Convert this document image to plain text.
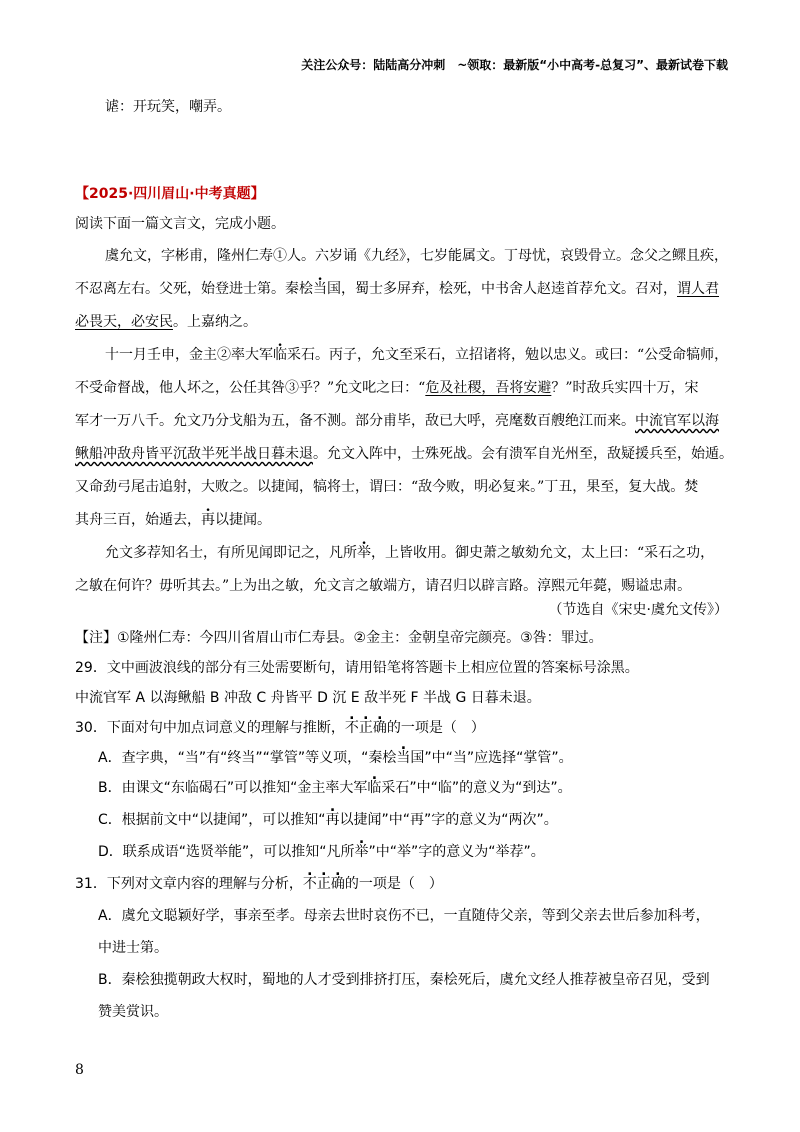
关注公众号：陆陆高分冲刺　~领取：最新版“小中高考-总复习”、最新试卷下载
谑：开玩笑，嘲弄。
【2025·四川眉山·中考真题】
阅读下面一篇文言文，完成小题。
虞允文，字彬甫，隆州仁寿①人。六岁诵《九经》，七岁能属文。丁母忧，哀毁骨立。念父之鳏且疾，
不忍离左右。父死，始登进士第。秦桧当国，蜀士多屏弃，桧死，中书舍人赵逵首荐允文。召对，谓人君
必畏天，必安民。上嘉纳之。
十一月壬申，金主②率大军临采石。丙子，允文至采石，立招诸将，勉以忠义。或曰：“公受命犒师，
不受命督战，他人坏之，公任其咎③乎？”允文叱之曰：“危及社稷，吾将安避？”时敌兵实四十万，宋
军才一万八千。允文乃分戈船为五，备不测。部分甫毕，敌已大呼，亮麾数百艘绝江而来。中流官军以海
鳅船冲敌舟皆平沉敌半死半战日暮未退。允文入阵中，士殊死战。会有溃军自光州至，敌疑援兵至，始遁。
又命劲弓尾击追射，大败之。以捷闻，犒将士，谓曰：“敌今败，明必复来。”丁丑，果至，复大战。焚
其舟三百，始遁去，再以捷闻。
允文多荐知名士，有所见闻即记之，凡所举，上皆收用。御史萧之敏劾允文，太上曰：“采石之功，
之敏在何许？毋听其去。”上为出之敏，允文言之敏端方，请召归以辟言路。淳熙元年薨，赐谥忠肃。
（节选自《宋史·虞允文传》）
【注】①隆州仁寿：今四川省眉山市仁寿县。②金主：金朝皇帝完颜亮。③咎：罪过。
29．文中画波浪线的部分有三处需要断句，请用铅笔将答题卡上相应位置的答案标号涂黑。
中流官军 A 以海鳅船 B 冲敌 C 舟皆平 D 沉 E 敌半死 F 半战 G 日暮未退。
30．下面对句中加点词意义的理解与推断，不正确的一项是（　）
A．查字典，“当”有“终当”“掌管”等义项，“秦桧当国”中“当”应选择“掌管”。
B．由课文“东临碣石”可以推知“金主率大军临采石”中“临”的意义为“到达”。
C．根据前文中“以捷闻”，可以推知“再以捷闻”中“再”字的意义为“两次”。
D．联系成语“选贤举能”，可以推知“凡所举”中“举”字的意义为“举荐”。
31．下列对文章内容的理解与分析，不正确的一项是（　）
A．虞允文聪颖好学，事亲至孝。母亲去世时哀伤不已，一直随侍父亲，等到父亲去世后参加科考，
中进士第。
B．秦桧独揽朝政大权时，蜀地的人才受到排挤打压，秦桧死后，虞允文经人推荐被皇帝召见，受到
赞美赏识。
8
